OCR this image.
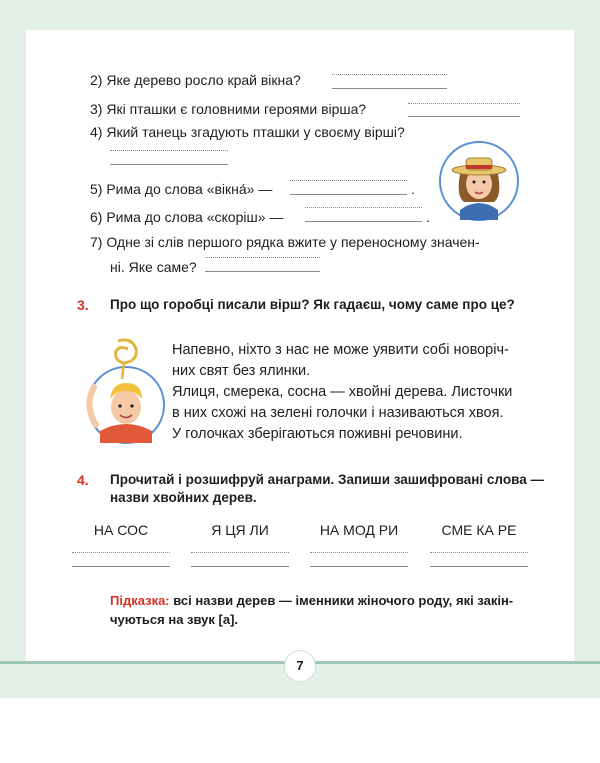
2) Яке дерево росло край вікна?
3) Які пташки є головними героями вірша?
4) Який танець згадують пташки у своєму вірші?
5) Рима до слова «вікна́» —	.
6) Рима до слова «скоріш» —	.
7) Одне зі слів першого рядка вжите у переносному значен-
ні. Яке саме?
3. Про що горобці писали вірш? Як гадаєш, чому саме про це?
Напевно, ніхто з нас не може уявити собі новоріч-
них свят без ялинки.
Ялиця, смерека, сосна — хвойні дерева. Листочки
в них схожі на зелені голочки і називаються хвоя.
У голочках зберігаються поживні речовини.
4. Прочитай і розшифруй анаграми. Запиши зашифровані слова —
назви хвойних дерев.
НА СОС	Я ЦЯ ЛИ	НА МОД РИ	СМЕ КА РЕ
Підказка: всі назви дерев — іменники жіночого роду, які закін-
чуються на звук [а].
7
